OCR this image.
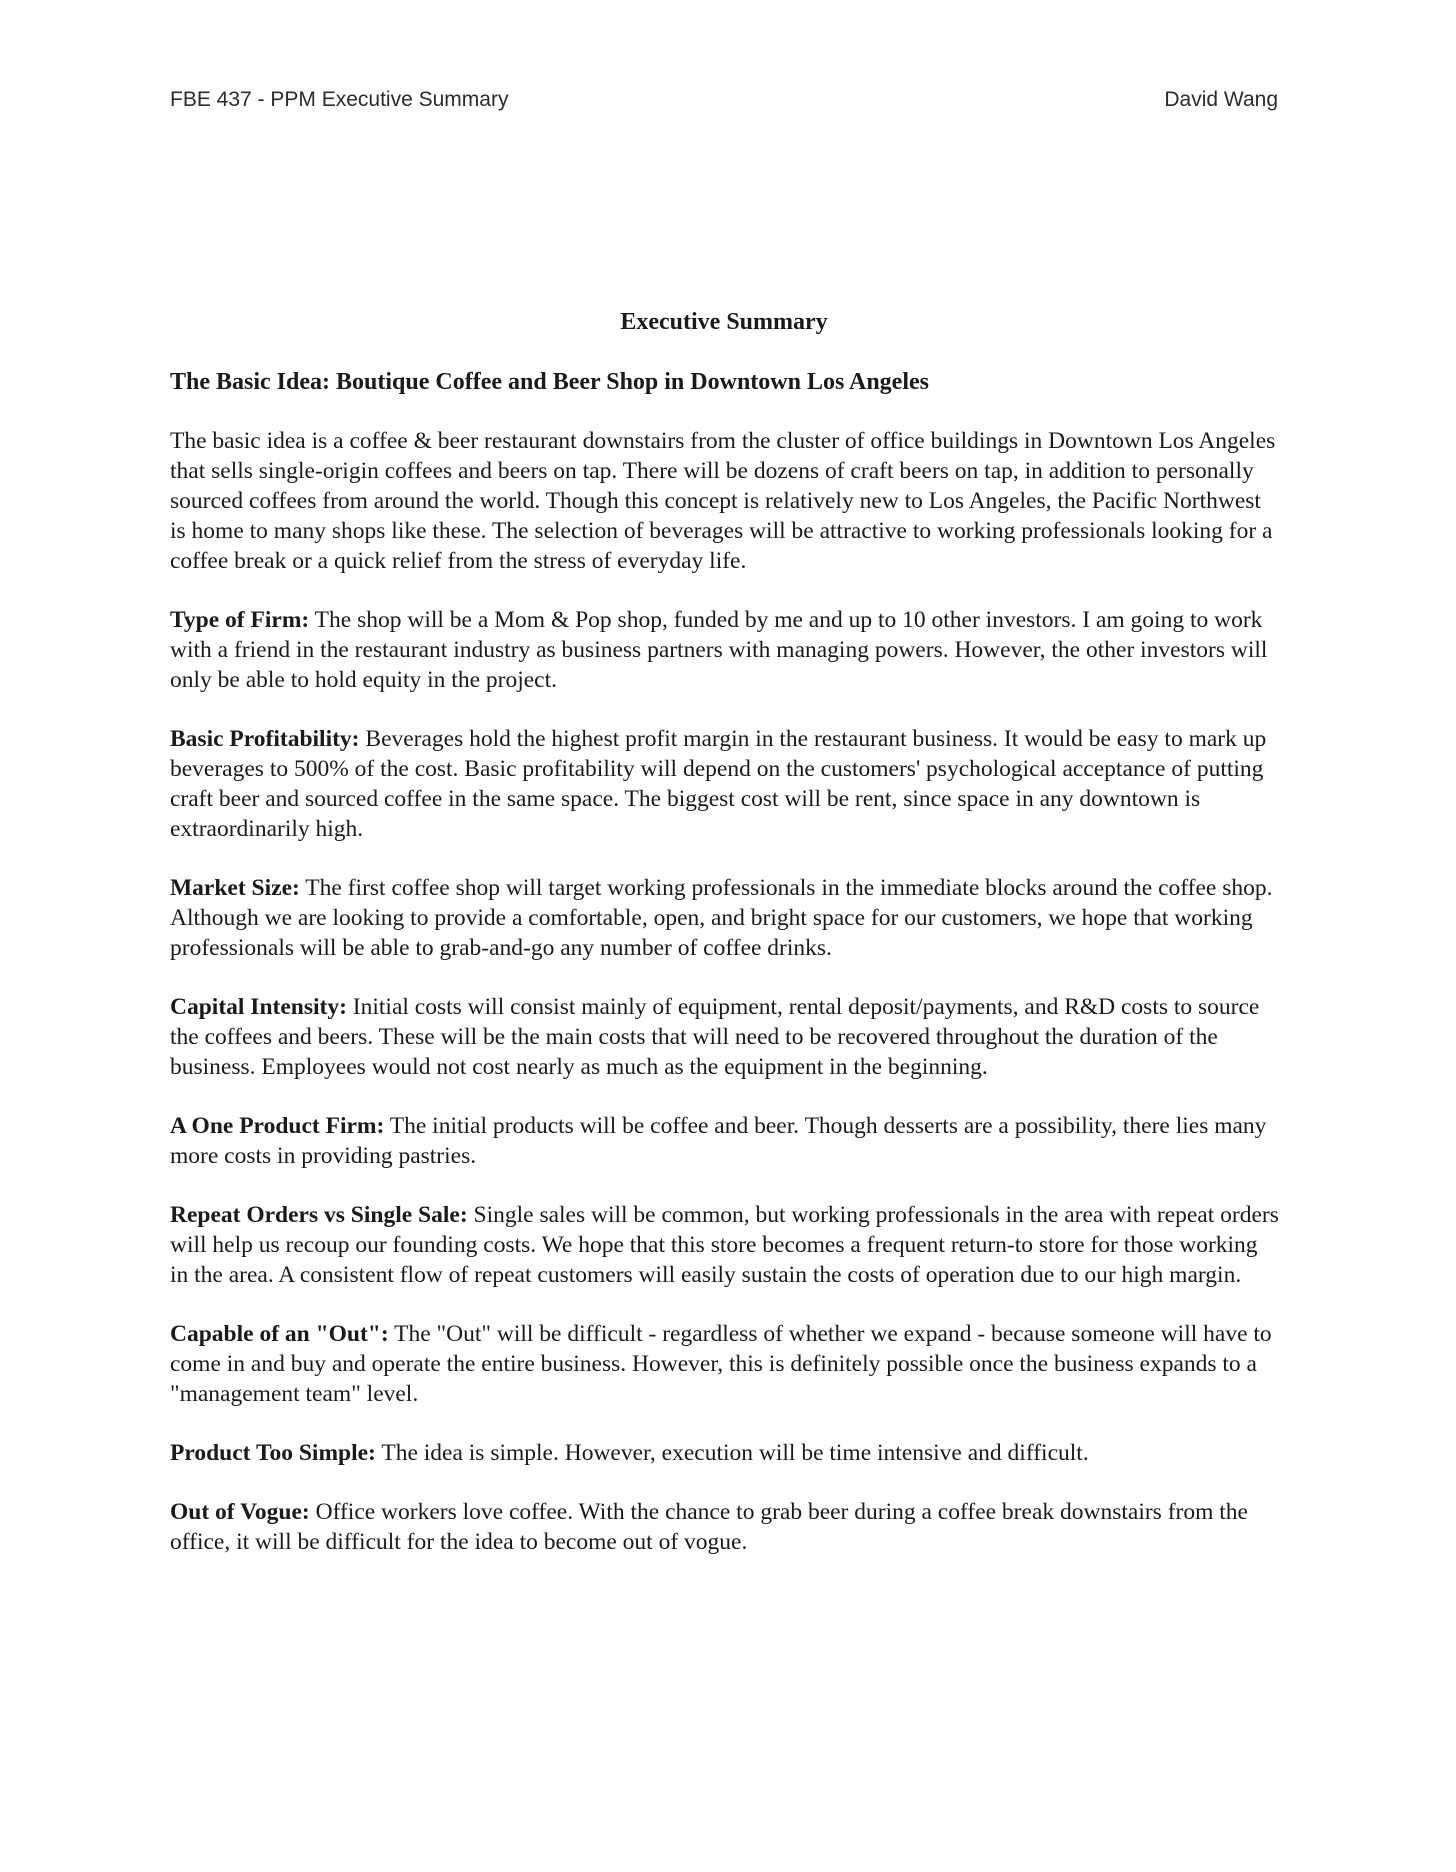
FBE 437 - PPM Executive Summary	David Wang
Executive Summary

The Basic Idea: Boutique Coffee and Beer Shop in Downtown Los Angeles

The basic idea is a coffee & beer restaurant downstairs from the cluster of office buildings in Downtown Los Angeles that sells single-origin coffees and beers on tap. There will be dozens of craft beers on tap, in addition to personally sourced coffees from around the world. Though this concept is relatively new to Los Angeles, the Pacific Northwest is home to many shops like these. The selection of beverages will be attractive to working professionals looking for a coffee break or a quick relief from the stress of everyday life.

Type of Firm: The shop will be a Mom & Pop shop, funded by me and up to 10 other investors. I am going to work with a friend in the restaurant industry as business partners with managing powers. However, the other investors will only be able to hold equity in the project.

Basic Profitability: Beverages hold the highest profit margin in the restaurant business. It would be easy to mark up beverages to 500% of the cost. Basic profitability will depend on the customers' psychological acceptance of putting craft beer and sourced coffee in the same space. The biggest cost will be rent, since space in any downtown is extraordinarily high.

Market Size: The first coffee shop will target working professionals in the immediate blocks around the coffee shop. Although we are looking to provide a comfortable, open, and bright space for our customers, we hope that working professionals will be able to grab-and-go any number of coffee drinks.

Capital Intensity: Initial costs will consist mainly of equipment, rental deposit/payments, and R&D costs to source the coffees and beers. These will be the main costs that will need to be recovered throughout the duration of the business. Employees would not cost nearly as much as the equipment in the beginning.

A One Product Firm: The initial products will be coffee and beer. Though desserts are a possibility, there lies many more costs in providing pastries.

Repeat Orders vs Single Sale: Single sales will be common, but working professionals in the area with repeat orders will help us recoup our founding costs. We hope that this store becomes a frequent return-to store for those working in the area. A consistent flow of repeat customers will easily sustain the costs of operation due to our high margin.

Capable of an "Out": The "Out" will be difficult - regardless of whether we expand - because someone will have to come in and buy and operate the entire business. However, this is definitely possible once the business expands to a "management team" level.

Product Too Simple: The idea is simple. However, execution will be time intensive and difficult.

Out of Vogue: Office workers love coffee. With the chance to grab beer during a coffee break downstairs from the office, it will be difficult for the idea to become out of vogue.
